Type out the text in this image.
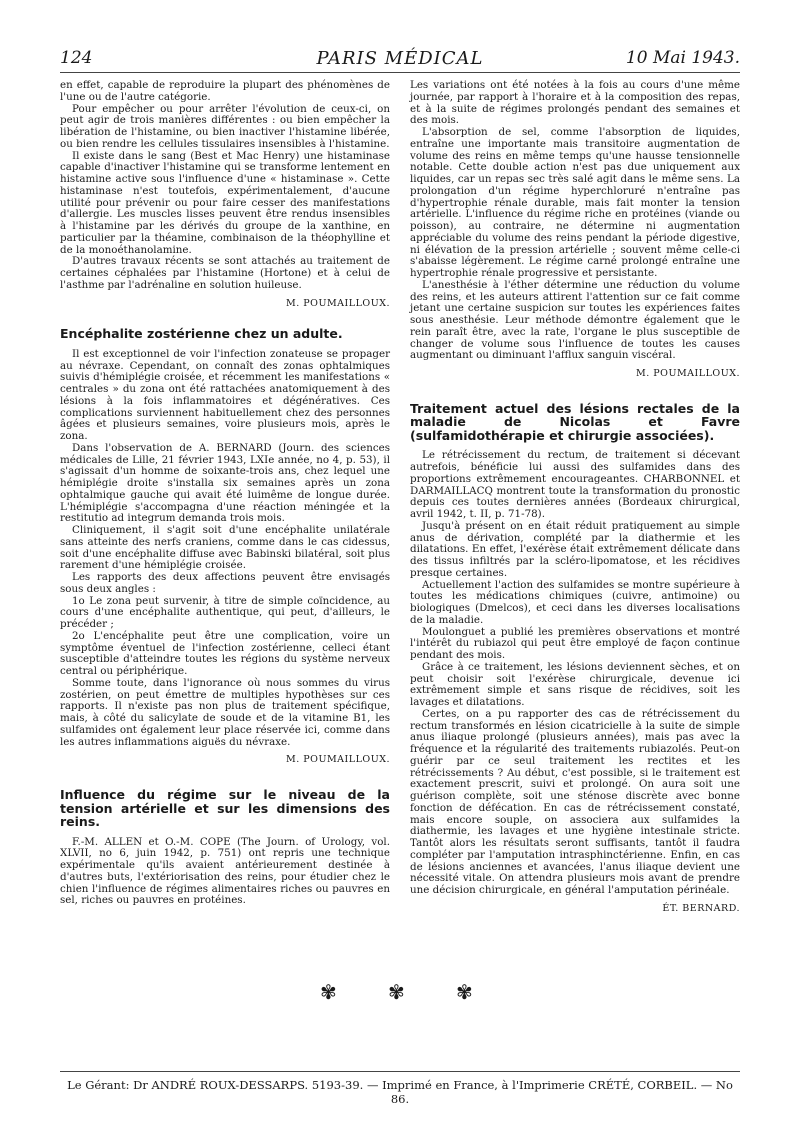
124	PARIS MÉDICAL	10 Mai 1943.

en effet, capable de reproduire la plupart des phénomènes de l'une ou de l'autre catégorie.

Pour empêcher ou pour arrêter l'évolution de ceux-ci, on peut agir de trois manières différentes : ou bien empêcher la libération de l'histamine, ou bien inactiver l'histamine libérée, ou bien rendre les cellules tissulaires insensibles à l'histamine.

Il existe dans le sang (Best et Mac Henry) une histaminase capable d'inactiver l'histamine qui se transforme lentement en histamine active sous l'influence d'une « histaminase ». Cette histaminase n'est toutefois, expérimentalement, d'aucune utilité pour prévenir ou pour faire cesser des manifestations d'allergie. Les muscles lisses peuvent être rendus insensibles à l'histamine par les dérivés du groupe de la xanthine, en particulier par la théamine, combinaison de la théophylline et de la monoéthanolamine.

D'autres travaux récents se sont attachés au traitement de certaines céphalées par l'histamine (Hortone) et à celui de l'asthme par l'adrénaline en solution huileuse.

M. POUMAILLOUX.
Encéphalite zostérienne chez un adulte.

Il est exceptionnel de voir l'infection zonateuse se propager au névraxe. Cependant, on connaît des zonas ophtalmiques suivis d'hémiplégie croisée, et récemment les manifestations « centrales » du zona ont été rattachées anatomiquement à des lésions à la fois inflammatoires et dégénératives. Ces complications surviennent habituellement chez des personnes âgées et plusieurs semaines, voire plusieurs mois, après le zona.

Dans l'observation de A. BERNARD (Journ. des sciences médicales de Lille, 21 février 1943, LXIe année, no 4, p. 53), il s'agissait d'un homme de soixante-trois ans, chez lequel une hémiplégie droite s'installa six semaines après un zona ophtalmique gauche qui avait été luimême de longue durée. L'hémiplégie s'accompagna d'une réaction méningée et la restitutio ad integrum demanda trois mois.

Cliniquement, il s'agit soit d'une encéphalite unilatérale sans atteinte des nerfs craniens, comme dans le cas cidessus, soit d'une encéphalite diffuse avec Babinski bilatéral, soit plus rarement d'une hémiplégie croisée.

Les rapports des deux affections peuvent être envisagés sous deux angles :

1o Le zona peut survenir, à titre de simple coïncidence, au cours d'une encéphalite authentique, qui peut, d'ailleurs, le précéder ;

2o L'encéphalite peut être une complication, voire un symptôme éventuel de l'infection zostérienne, celleci étant susceptible d'atteindre toutes les régions du système nerveux central ou périphérique.

Somme toute, dans l'ignorance où nous sommes du virus zostérien, on peut émettre de multiples hypothèses sur ces rapports. Il n'existe pas non plus de traitement spécifique, mais, à côté du salicylate de soude et de la vitamine B1, les sulfamides ont également leur place réservée ici, comme dans les autres inflammations aiguës du névraxe.

M. POUMAILLOUX.
Influence du régime sur le niveau de la tension artérielle et sur les dimensions des reins.

F.-M. ALLEN et O.-M. COPE (The Journ. of Urology, vol. XLVII, no 6, juin 1942, p. 751) ont repris une technique expérimentale qu'ils avaient antérieurement destinée à d'autres buts, l'extériorisation des reins, pour étudier chez le chien l'influence de régimes alimentaires riches ou pauvres en sel, riches ou pauvres en protéines.

Les variations ont été notées à la fois au cours d'une même journée, par rapport à l'horaire et à la composition des repas, et à la suite de régimes prolongés pendant des semaines et des mois.

L'absorption de sel, comme l'absorption de liquides, entraîne une importante mais transitoire augmentation de volume des reins en même temps qu'une hausse tensionnelle notable. Cette double action n'est pas due uniquement aux liquides, car un repas sec très salé agit dans le même sens. La prolongation d'un régime hyperchloruré n'entraîne pas d'hypertrophie rénale durable, mais fait monter la tension artérielle. L'influence du régime riche en protéines (viande ou poisson), au contraire, ne détermine ni augmentation appréciable du volume des reins pendant la période digestive, ni élévation de la pression artérielle ; souvent même celle-ci s'abaisse légèrement. Le régime carné prolongé entraîne une hypertrophie rénale progressive et persistante.

L'anesthésie à l'éther détermine une réduction du volume des reins, et les auteurs attirent l'attention sur ce fait comme jetant une certaine suspicion sur toutes les expériences faites sous anesthésie. Leur méthode démontre également que le rein paraît être, avec la rate, l'organe le plus susceptible de changer de volume sous l'influence de toutes les causes augmentant ou diminuant l'afflux sanguin viscéral.

M. POUMAILLOUX.
Traitement actuel des lésions rectales de la maladie de Nicolas et Favre (sulfamidothérapie et chirurgie associées).

Le rétrécissement du rectum, de traitement si décevant autrefois, bénéficie lui aussi des sulfamides dans des proportions extrêmement encourageantes. CHARBONNEL et DARMAILLACQ montrent toute la transformation du pronostic depuis ces toutes dernières années (Bordeaux chirurgical, avril 1942, t. II, p. 71-78).

Jusqu'à présent on en était réduit pratiquement au simple anus de dérivation, complété par la diathermie et les dilatations. En effet, l'exérèse était extrêmement délicate dans des tissus infiltrés par la scléro-lipomatose, et les récidives presque certaines.

Actuellement l'action des sulfamides se montre supérieure à toutes les médications chimiques (cuivre, antimoine) ou biologiques (Dmelcos), et ceci dans les diverses localisations de la maladie.

Moulonguet a publié les premières observations et montré l'intérêt du rubiazol qui peut être employé de façon continue pendant des mois.

Grâce à ce traitement, les lésions deviennent sèches, et on peut choisir soit l'exérèse chirurgicale, devenue ici extrêmement simple et sans risque de récidives, soit les lavages et dilatations.

Certes, on a pu rapporter des cas de rétrécissement du rectum transformés en lésion cicatricielle à la suite de simple anus iliaque prolongé (plusieurs années), mais pas avec la fréquence et la régularité des traitements rubiazolés. Peut-on guérir par ce seul traitement les rectites et les rétrécissements ? Au début, c'est possible, si le traitement est exactement prescrit, suivi et prolongé. On aura soit une guérison complète, soit une sténose discrète avec bonne fonction de défécation. En cas de rétrécissement constaté, mais encore souple, on associera aux sulfamides la diathermie, les lavages et une hygiène intestinale stricte. Tantôt alors les résultats seront suffisants, tantôt il faudra compléter par l'amputation intrasphinctérienne. Enfin, en cas de lésions anciennes et avancées, l'anus iliaque devient une nécessité vitale. On attendra plusieurs mois avant de prendre une décision chirurgicale, en général l'amputation périnéale.

ÉT. BERNARD.
✾	✾	✾
Le Gérant: Dr ANDRÉ ROUX-DESSARPS. 5193-39. — Imprimé en France, à l'Imprimerie CRÉTÉ, CORBEIL. — No 86.
